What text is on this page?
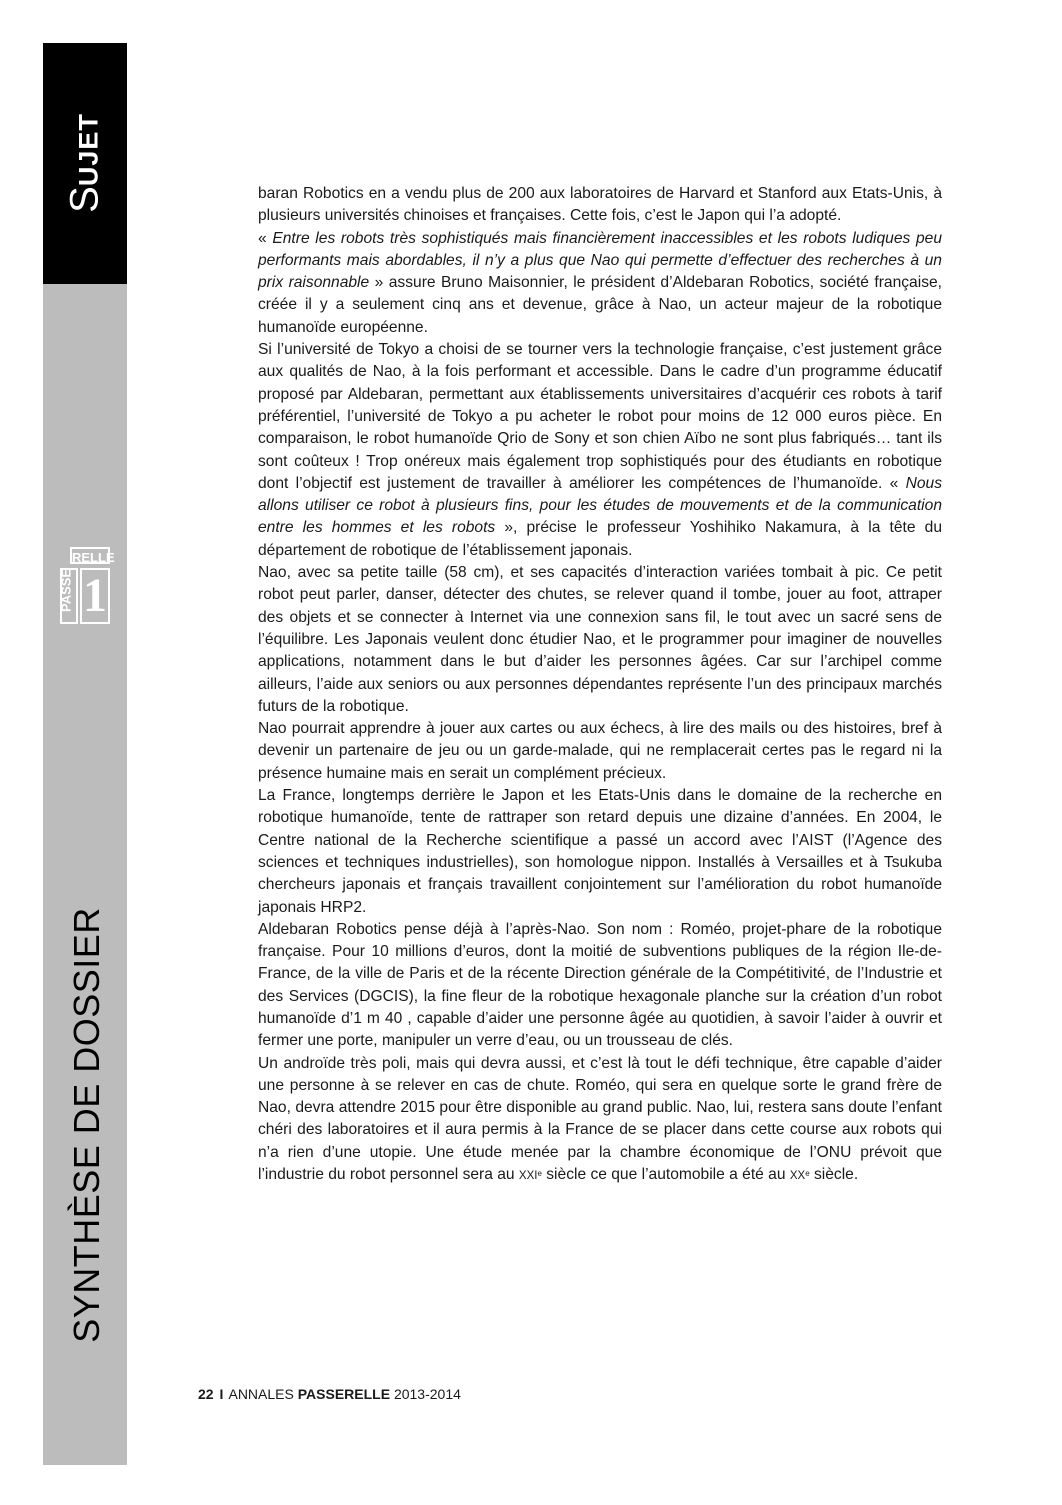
SUJET
RELLE
PASSE 1
SYNTHÈSE DE DOSSIER

baran Robotics en a vendu plus de 200 aux laboratoires de Harvard et Stanford aux Etats-Unis, à plusieurs universités chinoises et françaises. Cette fois, c’est le Japon qui l’a adopté.

« Entre les robots très sophistiqués mais financièrement inaccessibles et les robots ludiques peu performants mais abordables, il n’y a plus que Nao qui permette d’effectuer des recherches à un prix raisonnable » assure Bruno Maisonnier, le président d’Aldebaran Robotics, société française, créée il y a seulement cinq ans et devenue, grâce à Nao, un acteur majeur de la robotique humanoïde européenne.

Si l’université de Tokyo a choisi de se tourner vers la technologie française, c’est justement grâce aux qualités de Nao, à la fois performant et accessible. Dans le cadre d’un programme éducatif proposé par Aldebaran, permettant aux établissements universitaires d’acquérir ces robots à tarif préférentiel, l’université de Tokyo a pu acheter le robot pour moins de 12 000 euros pièce. En comparaison, le robot humanoïde Qrio de Sony et son chien Aïbo ne sont plus fabriqués… tant ils sont coûteux ! Trop onéreux mais également trop sophistiqués pour des étudiants en robotique dont l’objectif est justement de travailler à améliorer les compétences de l’humanoïde. « Nous allons utiliser ce robot à plusieurs fins, pour les études de mouvements et de la communication entre les hommes et les robots », précise le professeur Yoshihiko Nakamura, à la tête du département de robotique de l’établissement japonais.

Nao, avec sa petite taille (58 cm), et ses capacités d’interaction variées tombait à pic. Ce petit robot peut parler, danser, détecter des chutes, se relever quand il tombe, jouer au foot, attraper des objets et se connecter à Internet via une connexion sans fil, le tout avec un sacré sens de l’équilibre. Les Japonais veulent donc étudier Nao, et le programmer pour imaginer de nouvelles applications, notamment dans le but d’aider les personnes âgées. Car sur l’archipel comme ailleurs, l’aide aux seniors ou aux personnes dépendantes représente l’un des principaux marchés futurs de la robotique.

Nao pourrait apprendre à jouer aux cartes ou aux échecs, à lire des mails ou des histoires, bref à devenir un partenaire de jeu ou un garde-malade, qui ne remplacerait certes pas le regard ni la présence humaine mais en serait un complément précieux.

La France, longtemps derrière le Japon et les Etats-Unis dans le domaine de la recherche en robotique humanoïde, tente de rattraper son retard depuis une dizaine d’années. En 2004, le Centre national de la Recherche scientifique a passé un accord avec l’AIST (l’Agence des sciences et techniques industrielles), son homologue nippon. Installés à Versailles et à Tsukuba chercheurs japonais et français travaillent conjointement sur l’amélioration du robot humanoïde japonais HRP2.

Aldebaran Robotics pense déjà à l’après-Nao. Son nom : Roméo, projet-phare de la robotique française. Pour 10 millions d’euros, dont la moitié de subventions publiques de la région Ile-de-France, de la ville de Paris et de la récente Direction générale de la Compétitivité, de l’Industrie et des Services (DGCIS), la fine fleur de la robotique hexagonale planche sur la création d’un robot humanoïde d’1 m 40 , capable d’aider une personne âgée au quotidien, à savoir l’aider à ouvrir et fermer une porte, manipuler un verre d’eau, ou un trousseau de clés.

Un androïde très poli, mais qui devra aussi, et c’est là tout le défi technique, être capable d’aider une personne à se relever en cas de chute. Roméo, qui sera en quelque sorte le grand frère de Nao, devra attendre 2015 pour être disponible au grand public. Nao, lui, restera sans doute l’enfant chéri des laboratoires et il aura permis à la France de se placer dans cette course aux robots qui n’a rien d’une utopie. Une étude menée par la chambre économique de l’ONU prévoit que l’industrie du robot personnel sera au XXIe siècle ce que l’automobile a été au XXe siècle.

22 I ANNALES PASSERELLE 2013-2014
